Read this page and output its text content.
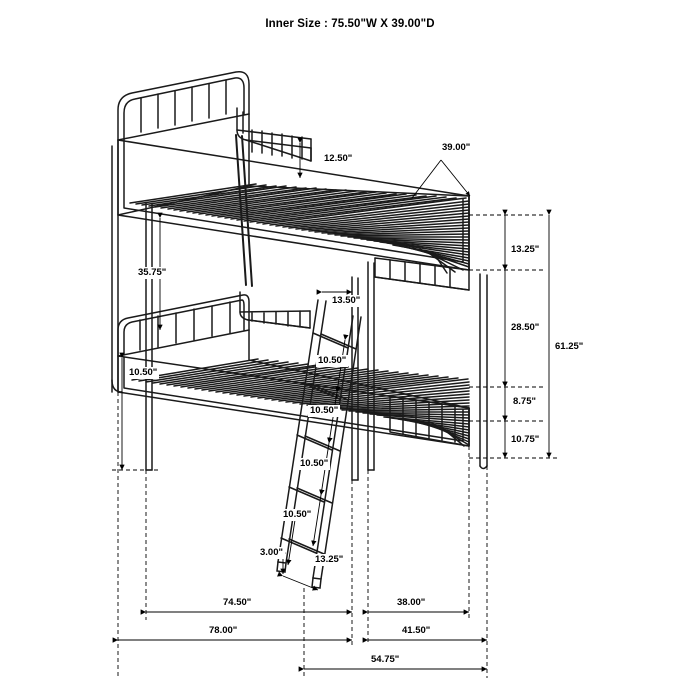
Inner Size : 75.50"W X 39.00"D
12.50"
39.00"
35.75"
13.50"
10.50"
13.25"
28.50"
8.75"
10.75"
61.25"
10.50"
10.50"
10.50"
10.50"
3.00"
13.25"
74.50"	38.00"
78.00"	41.50"
54.75"
